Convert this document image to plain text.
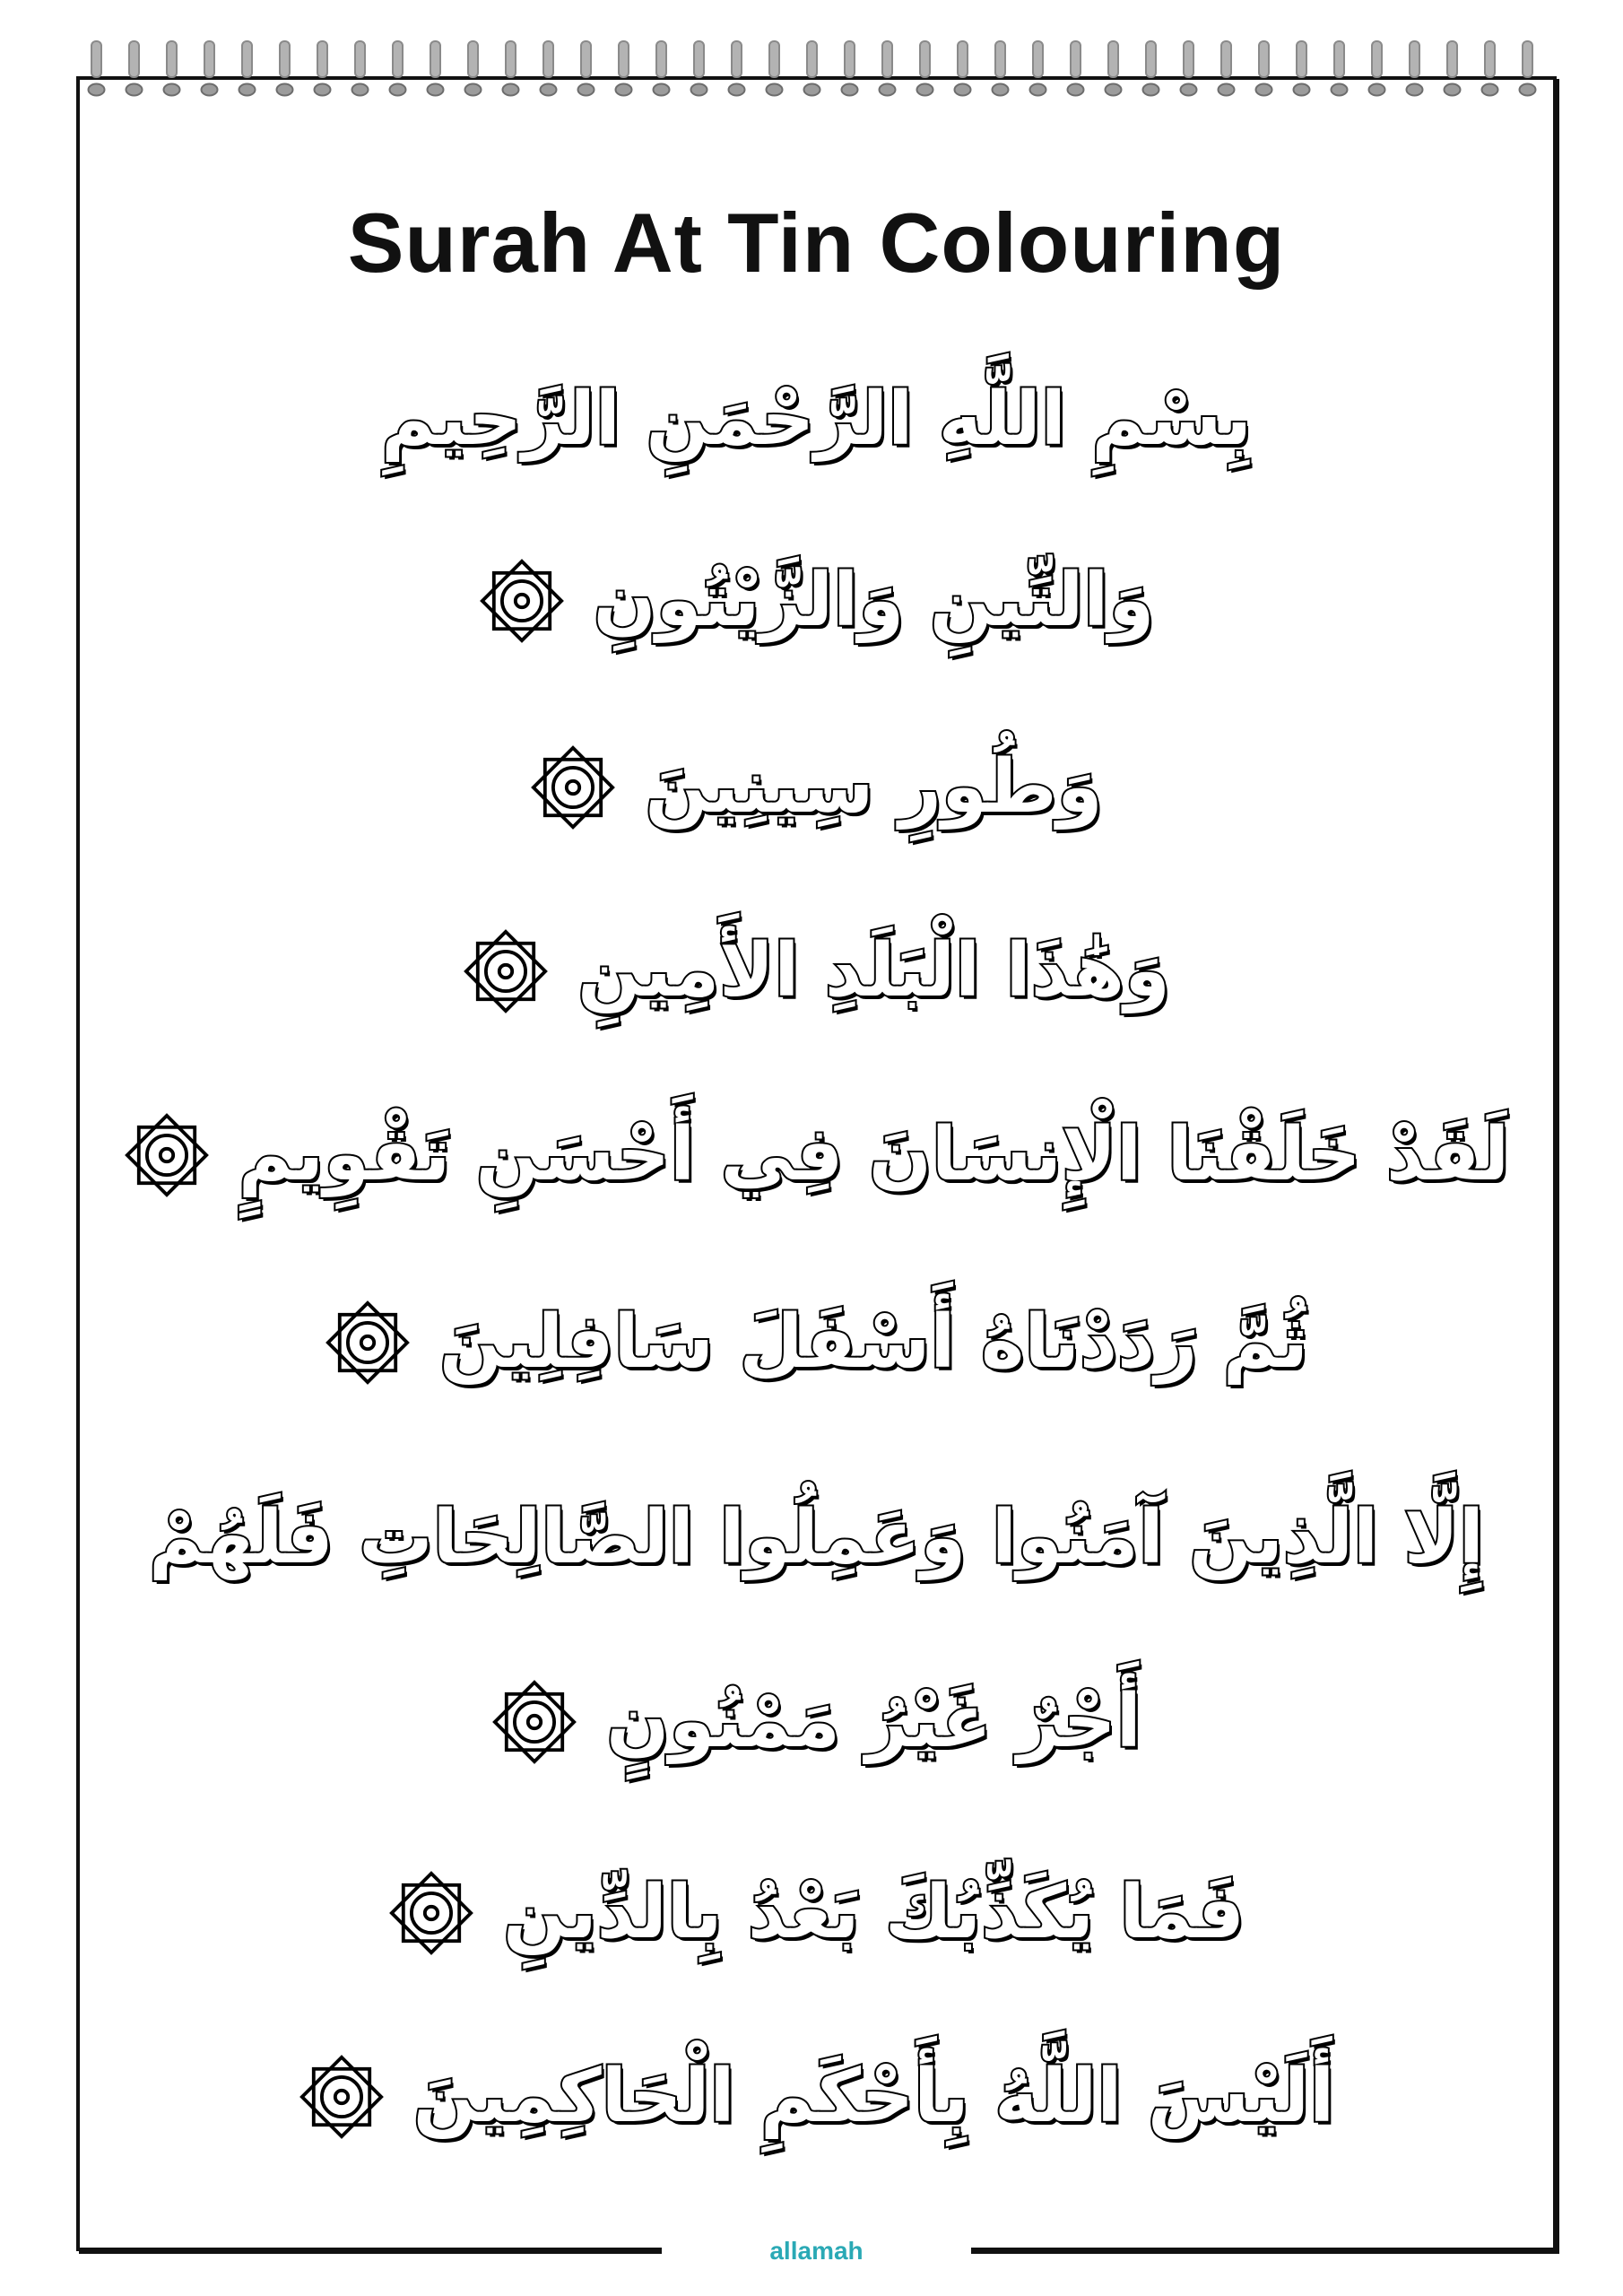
Surah At Tin Colouring
بِسْمِ اللَّهِ الرَّحْمَنِ الرَّحِيمِ
وَالتِّينِ وَالزَّيْتُونِ
وَطُورِ سِينِينَ
وَهَٰذَا الْبَلَدِ الأَمِينِ
لَقَدْ خَلَقْنَا الْإِنسَانَ فِي أَحْسَنِ تَقْوِيمٍ
ثُمَّ رَدَدْنَاهُ أَسْفَلَ سَافِلِينَ
إِلَّا الَّذِينَ آمَنُوا وَعَمِلُوا الصَّالِحَاتِ فَلَهُمْ
أَجْرٌ غَيْرُ مَمْنُونٍ
فَمَا يُكَذِّبُكَ بَعْدُ بِالدِّينِ
أَلَيْسَ اللَّهُ بِأَحْكَمِ الْحَاكِمِينَ
allamah
